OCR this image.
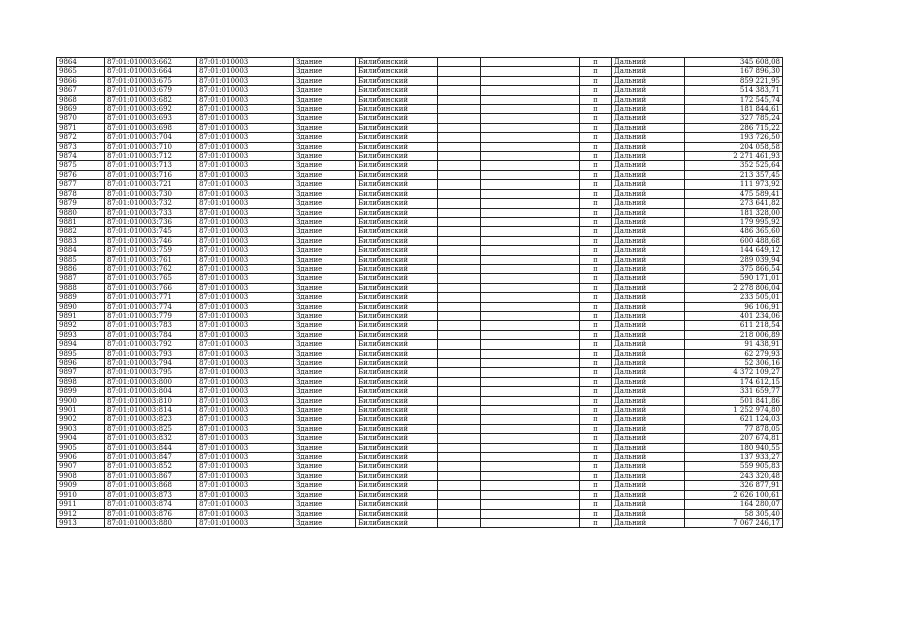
9864	87:01:010003:662	87:01:010003	Здание	Билибинский			п	Дальний	345 608,08
9865	87:01:010003:664	87:01:010003	Здание	Билибинский			п	Дальний	167 896,30
9866	87:01:010003:675	87:01:010003	Здание	Билибинский			п	Дальний	859 221,95
9867	87:01:010003:679	87:01:010003	Здание	Билибинский			п	Дальний	514 383,71
9868	87:01:010003:682	87:01:010003	Здание	Билибинский			п	Дальний	172 545,74
9869	87:01:010003:692	87:01:010003	Здание	Билибинский			п	Дальний	181 844,61
9870	87:01:010003:693	87:01:010003	Здание	Билибинский			п	Дальний	327 785,24
9871	87:01:010003:698	87:01:010003	Здание	Билибинский			п	Дальний	286 715,22
9872	87:01:010003:704	87:01:010003	Здание	Билибинский			п	Дальний	193 726,50
9873	87:01:010003:710	87:01:010003	Здание	Билибинский			п	Дальний	204 058,58
9874	87:01:010003:712	87:01:010003	Здание	Билибинский			п	Дальний	2 271 461,93
9875	87:01:010003:713	87:01:010003	Здание	Билибинский			п	Дальний	352 525,64
9876	87:01:010003:716	87:01:010003	Здание	Билибинский			п	Дальний	213 357,45
9877	87:01:010003:721	87:01:010003	Здание	Билибинский			п	Дальний	111 973,92
9878	87:01:010003:730	87:01:010003	Здание	Билибинский			п	Дальний	475 589,41
9879	87:01:010003:732	87:01:010003	Здание	Билибинский			п	Дальний	273 641,82
9880	87:01:010003:733	87:01:010003	Здание	Билибинский			п	Дальний	181 328,00
9881	87:01:010003:736	87:01:010003	Здание	Билибинский			п	Дальний	179 995,92
9882	87:01:010003:745	87:01:010003	Здание	Билибинский			п	Дальний	486 365,60
9883	87:01:010003:746	87:01:010003	Здание	Билибинский			п	Дальний	600 488,68
9884	87:01:010003:759	87:01:010003	Здание	Билибинский			п	Дальний	144 649,12
9885	87:01:010003:761	87:01:010003	Здание	Билибинский			п	Дальний	289 039,94
9886	87:01:010003:762	87:01:010003	Здание	Билибинский			п	Дальний	375 866,54
9887	87:01:010003:765	87:01:010003	Здание	Билибинский			п	Дальний	590 171,01
9888	87:01:010003:766	87:01:010003	Здание	Билибинский			п	Дальний	2 278 806,04
9889	87:01:010003:771	87:01:010003	Здание	Билибинский			п	Дальний	233 505,01
9890	87:01:010003:774	87:01:010003	Здание	Билибинский			п	Дальний	96 106,91
9891	87:01:010003:779	87:01:010003	Здание	Билибинский			п	Дальний	401 234,06
9892	87:01:010003:783	87:01:010003	Здание	Билибинский			п	Дальний	611 218,54
9893	87:01:010003:784	87:01:010003	Здание	Билибинский			п	Дальний	218 006,89
9894	87:01:010003:792	87:01:010003	Здание	Билибинский			п	Дальний	91 438,91
9895	87:01:010003:793	87:01:010003	Здание	Билибинский			п	Дальний	62 279,93
9896	87:01:010003:794	87:01:010003	Здание	Билибинский			п	Дальний	52 306,16
9897	87:01:010003:795	87:01:010003	Здание	Билибинский			п	Дальний	4 372 109,27
9898	87:01:010003:800	87:01:010003	Здание	Билибинский			п	Дальний	174 612,15
9899	87:01:010003:804	87:01:010003	Здание	Билибинский			п	Дальний	331 659,77
9900	87:01:010003:810	87:01:010003	Здание	Билибинский			п	Дальний	501 841,86
9901	87:01:010003:814	87:01:010003	Здание	Билибинский			п	Дальний	1 252 974,80
9902	87:01:010003:823	87:01:010003	Здание	Билибинский			п	Дальний	621 124,03
9903	87:01:010003:825	87:01:010003	Здание	Билибинский			п	Дальний	77 878,05
9904	87:01:010003:832	87:01:010003	Здание	Билибинский			п	Дальний	207 674,81
9905	87:01:010003:844	87:01:010003	Здание	Билибинский			п	Дальний	180 940,55
9906	87:01:010003:847	87:01:010003	Здание	Билибинский			п	Дальний	137 933,27
9907	87:01:010003:852	87:01:010003	Здание	Билибинский			п	Дальний	559 905,83
9908	87:01:010003:867	87:01:010003	Здание	Билибинский			п	Дальний	243 320,48
9909	87:01:010003:868	87:01:010003	Здание	Билибинский			п	Дальний	326 877,91
9910	87:01:010003:873	87:01:010003	Здание	Билибинский			п	Дальний	2 626 100,61
9911	87:01:010003:874	87:01:010003	Здание	Билибинский			п	Дальний	164 280,07
9912	87:01:010003:876	87:01:010003	Здание	Билибинский			п	Дальний	58 305,40
9913	87:01:010003:880	87:01:010003	Здание	Билибинский			п	Дальний	7 067 246,17
